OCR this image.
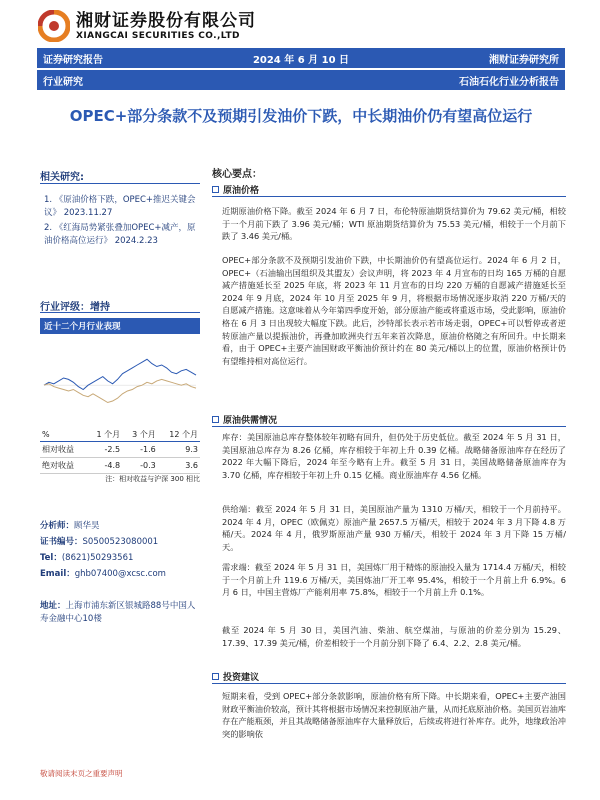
湘财证券股份有限公司
XIANGCAI SECURITIES CO.,LTD
证券研究报告	2024 年 6 月 10 日	湘财证券研究所
行业研究	石油石化行业分析报告
OPEC+部分条款不及预期引发油价下跌，中长期油价仍有望高位运行
相关研究:
1. 《原油价格下跌，OPEC+推迟关键会议》 2023.11.27
2. 《红海局势紧张叠加OPEC+减产，原油价格高位运行》 2024.2.23
行业评级：增持
近十二个月行业表现
%	1 个月	3 个月	12 个月
相对收益	-2.5	-1.6	9.3
绝对收益	-4.8	-0.3	3.6
注：相对收益与沪深 300 相比
分析师：顾华昊
证书编号：S0500523080001
Tel：(8621)50293561
Email：ghb07400@xcsc.com
地址：上海市浦东新区银城路88号中国人寿金融中心10楼
敬请阅读末页之重要声明
核心要点：
原油价格
近期原油价格下降。截至 2024 年 6 月 7 日，布伦特原油期货结算价为 79.62 美元/桶，相较于一个月前下跌了 3.96 美元/桶；WTI 原油期货结算价为 75.53 美元/桶，相较于一个月前下跌了 3.46 美元/桶。
OPEC+部分条款不及预期引发油价下跌，中长期油价仍有望高位运行。2024 年 6 月 2 日，OPEC+（石油输出国组织及其盟友）会议声明，将 2023 年 4 月宣布的日均 165 万桶的自愿减产措施延长至 2025 年底，将 2023 年 11 月宣布的日均 220 万桶的自愿减产措施延长至 2024 年 9 月底，2024 年 10 月至 2025 年 9 月，将根据市场情况逐步取消 220 万桶/天的自愿减产措施。这意味着从今年第四季度开始，部分原油产能或将重返市场，受此影响，原油价格在 6 月 3 日出现较大幅度下跌。此后，沙特部长表示若市场走弱，OPEC+可以暂停或者逆转原油产量以提振油价，再叠加欧洲央行五年来首次降息，原油价格随之有所回升。中长期来看，由于 OPEC+主要产油国财政平衡油价预计约在 80 美元/桶以上的位置，原油价格预计仍有望维持相对高位运行。
原油供需情况
库存：美国原油总库存整体较年初略有回升，但仍处于历史低位。截至 2024 年 5 月 31 日，美国原油总库存为 8.26 亿桶，库存相较于年初上升 0.39 亿桶。战略储备原油库存在经历了 2022 年大幅下降后，2024 年至今略有上升。截至 5 月 31 日，美国战略储备原油库存为 3.70 亿桶，库存相较于年初上升 0.15 亿桶。商业原油库存 4.56 亿桶。
供给端：截至 2024 年 5 月 31 日，美国原油产量为 1310 万桶/天，相较于一个月前持平。2024 年 4 月，OPEC（欧佩克）原油产量 2657.5 万桶/天，相较于 2024 年 3 月下降 4.8 万桶/天。2024 年 4 月，俄罗斯原油产量 930 万桶/天，相较于 2024 年 3 月下降 15 万桶/天。
需求端：截至 2024 年 5 月 31 日，美国炼厂用于精炼的原油投入量为 1714.4 万桶/天，相较于一个月前上升 119.6 万桶/天，美国炼油厂开工率 95.4%，相较于一个月前上升 6.9%。6 月 6 日，中国主营炼厂产能利用率 75.8%，相较于一个月前上升 0.1%。
截至 2024 年 5 月 30 日，美国汽油、柴油、航空煤油，与原油的价差分别为 15.29、17.39、17.39 美元/桶，价差相较于一个月前分别下降了 6.4、2.2、2.8 美元/桶。
投资建议
短期来看，受到 OPEC+部分条款影响，原油价格有所下降。中长期来看，OPEC+主要产油国财政平衡油价较高，预计其将根据市场情况来控制原油产量，从而托底原油价格。美国页岩油库存在产能瓶颈，并且其战略储备原油库存大量释放后，后续或将进行补库存。此外，地缘政治冲突的影响依
